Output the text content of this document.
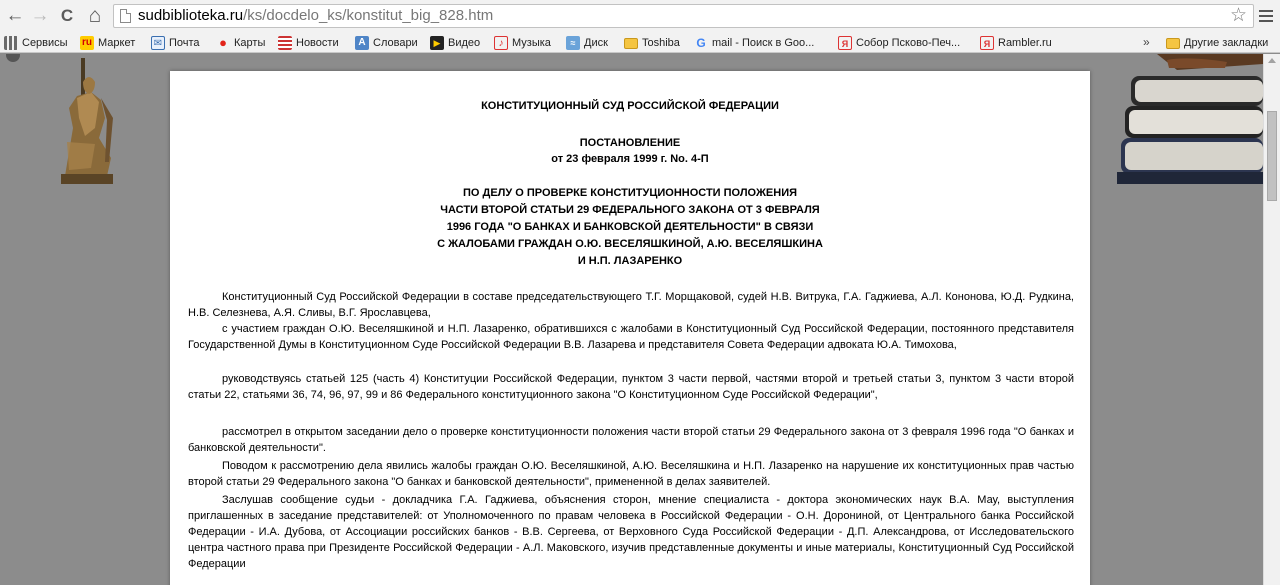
← → C ⌂	sudbiblioteka.ru/ks/docdelo_ks/konstitut_big_828.htm	☆
Сервисы ru Маркет ✉ Почта ● Карты	Новости	А Словари	▶ Видео	♪ Музыка	≈ Диск	Toshiba G mail - Поиск в Goo...	Я Собор Псково-Печ...	Я Rambler.ru	»	Другие закладки
КОНСТИТУЦИОННЫЙ СУД РОССИЙСКОЙ ФЕДЕРАЦИИ
ПОСТАНОВЛЕНИЕ
от 23 февраля 1999 г. No. 4-П
ПО ДЕЛУ О ПРОВЕРКЕ КОНСТИТУЦИОННОСТИ ПОЛОЖЕНИЯ
ЧАСТИ ВТОРОЙ СТАТЬИ 29 ФЕДЕРАЛЬНОГО ЗАКОНА ОТ 3 ФЕВРАЛЯ
1996 ГОДА "О БАНКАХ И БАНКОВСКОЙ ДЕЯТЕЛЬНОСТИ" В СВЯЗИ
С ЖАЛОБАМИ ГРАЖДАН О.Ю. ВЕСЕЛЯШКИНОЙ, А.Ю. ВЕСЕЛЯШКИНА
И Н.П. ЛАЗАРЕНКО
Конституционный Суд Российской Федерации в составе председательствующего Т.Г. Морщаковой, судей Н.В. Витрука, Г.А. Гаджиева, А.Л. Кононова, Ю.Д. Рудкина, Н.В. Селезнева, А.Я. Сливы, В.Г. Ярославцева,
с участием граждан О.Ю. Веселяшкиной и Н.П. Лазаренко, обратившихся с жалобами в Конституционный Суд Российской Федерации, постоянного представителя Государственной Думы в Конституционном Суде Российской Федерации В.В. Лазарева и представителя Совета Федерации адвоката Ю.А. Тимохова,
руководствуясь статьей 125 (часть 4) Конституции Российской Федерации, пунктом 3 части первой, частями второй и третьей статьи 3, пунктом 3 части второй статьи 22, статьями 36, 74, 96, 97, 99 и 86 Федерального конституционного закона "О Конституционном Суде Российской Федерации",
рассмотрел в открытом заседании дело о проверке конституционности положения части второй статьи 29 Федерального закона от 3 февраля 1996 года "О банках и банковской деятельности".
Поводом к рассмотрению дела явились жалобы граждан О.Ю. Веселяшкиной, А.Ю. Веселяшкина и Н.П. Лазаренко на нарушение их конституционных прав частью второй статьи 29 Федерального закона "О банках и банковской деятельности", примененной в делах заявителей.
Заслушав сообщение судьи - докладчика Г.А. Гаджиева, объяснения сторон, мнение специалиста - доктора экономических наук В.А. Мау, выступления приглашенных в заседание представителей: от Уполномоченного по правам человека в Российской Федерации - О.Н. Дорониной, от Центрального банка Российской Федерации - И.А. Дубова, от Ассоциации российских банков - В.В. Сергеева, от Верховного Суда Российской Федерации - Д.П. Александрова, от Исследовательского центра частного права при Президенте Российской Федерации - А.Л. Маковского, изучив представленные документы и иные материалы, Конституционный Суд Российской Федерации
